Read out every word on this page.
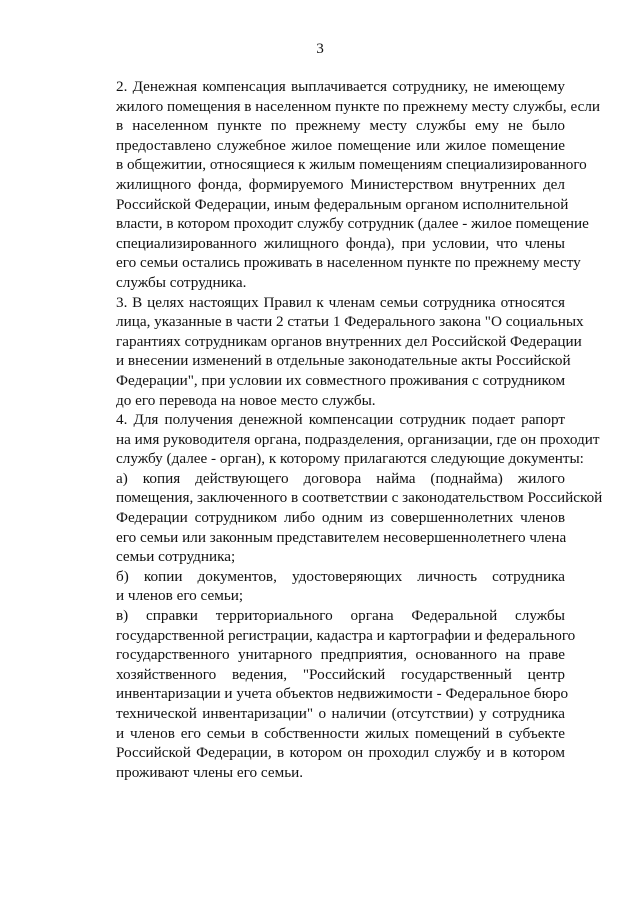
3

2. Денежная компенсация выплачивается сотруднику, не имеющему
жилого помещения в населенном пункте по прежнему месту службы, если
в населенном пункте по прежнему месту службы ему не было
предоставлено служебное жилое помещение или жилое помещение
в общежитии, относящиеся к жилым помещениям специализированного
жилищного фонда, формируемого Министерством внутренних дел
Российской Федерации, иным федеральным органом исполнительной
власти, в котором проходит службу сотрудник (далее - жилое помещение
специализированного жилищного фонда), при условии, что члены
его семьи остались проживать в населенном пункте по прежнему месту
службы сотрудника.

3. В целях настоящих Правил к членам семьи сотрудника относятся
лица, указанные в части 2 статьи 1 Федерального закона "О социальных
гарантиях сотрудникам органов внутренних дел Российской Федерации
и внесении изменений в отдельные законодательные акты Российской
Федерации", при условии их совместного проживания с сотрудником
до его перевода на новое место службы.

4. Для получения денежной компенсации сотрудник подает рапорт
на имя руководителя органа, подразделения, организации, где он проходит
службу (далее - орган), к которому прилагаются следующие документы:

а) копия действующего договора найма (поднайма) жилого
помещения, заключенного в соответствии с законодательством Российской
Федерации сотрудником либо одним из совершеннолетних членов
его семьи или законным представителем несовершеннолетнего члена
семьи сотрудника;

б) копии документов, удостоверяющих личность сотрудника
и членов его семьи;

в) справки территориального органа Федеральной службы
государственной регистрации, кадастра и картографии и федерального
государственного унитарного предприятия, основанного на праве
хозяйственного ведения, "Российский государственный центр
инвентаризации и учета объектов недвижимости - Федеральное бюро
технической инвентаризации" о наличии (отсутствии) у сотрудника
и членов его семьи в собственности жилых помещений в субъекте
Российской Федерации, в котором он проходил службу и в котором
проживают члены его семьи.
